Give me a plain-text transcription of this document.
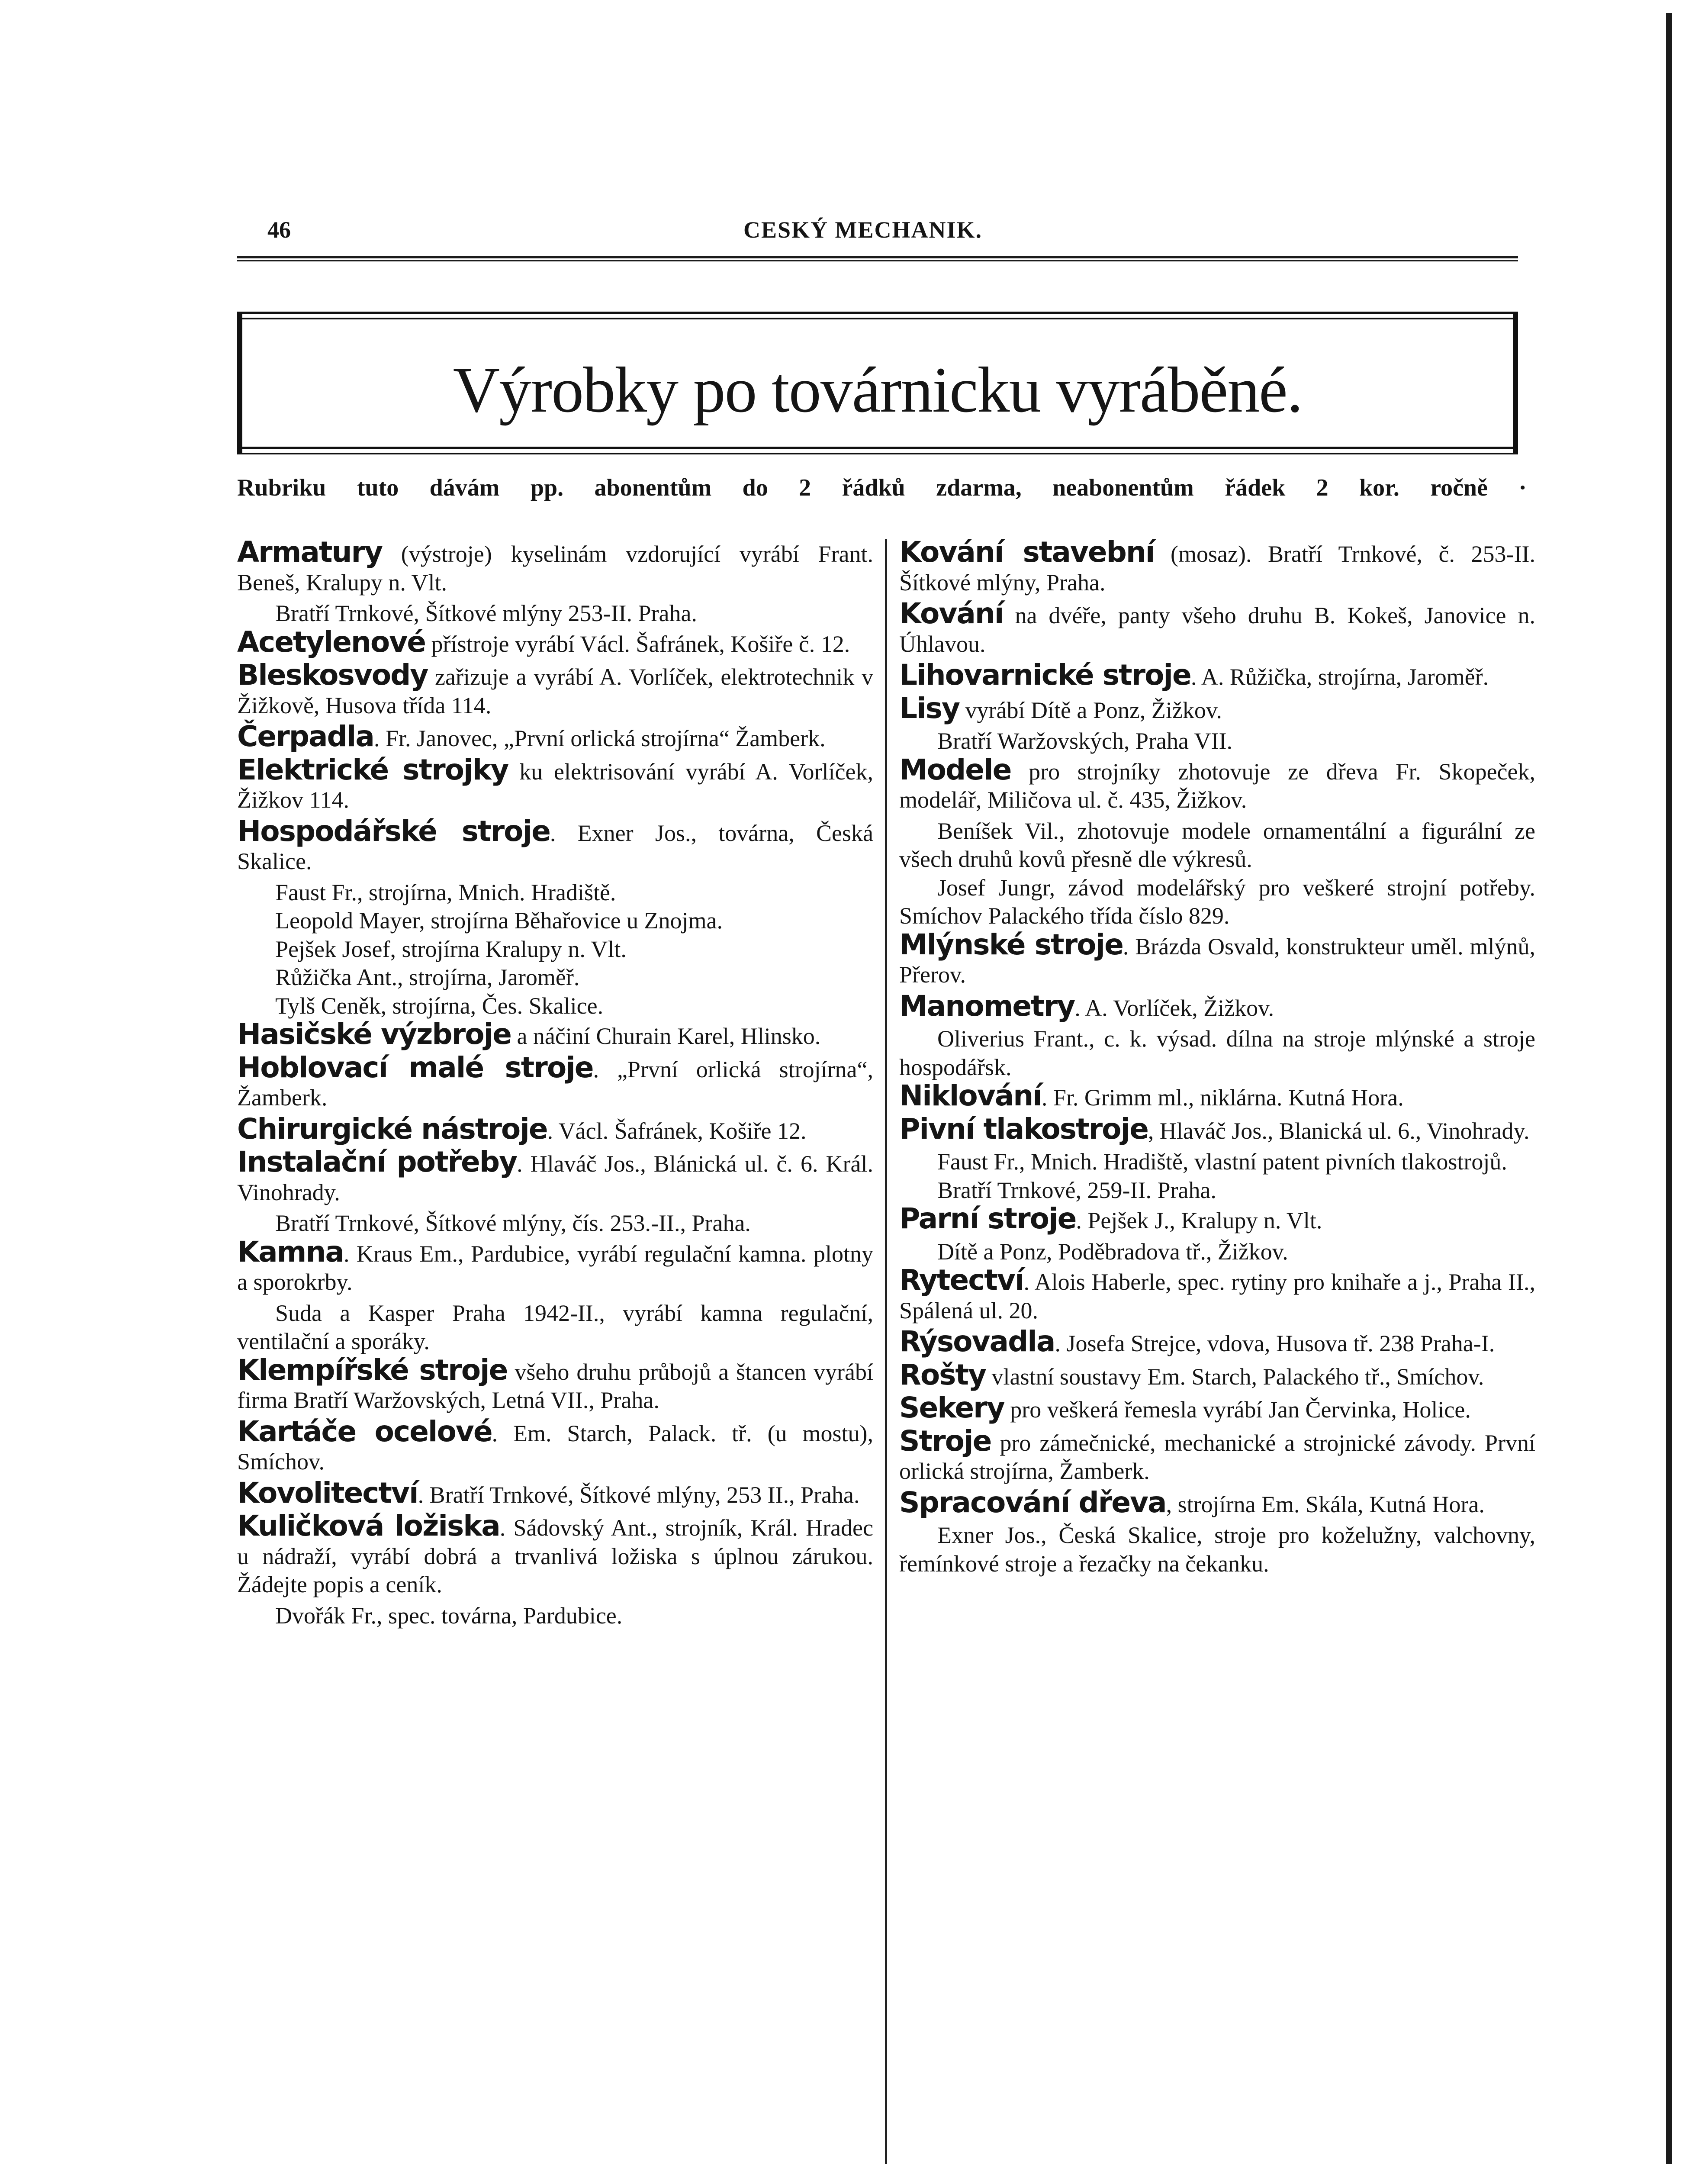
46	CESKÝ MECHANIK.
Výrobky po továrnicku vyráběné.
Rubriku tuto dávám pp. abonentům do 2 řádků zdarma, neabonentům řádek 2 kor. ročně ·
Armatury (výstroje) kyselinám vzdorující vyrábí Frant. Beneš, Kralupy n. Vlt.
Bratří Trnkové, Šítkové mlýny 253-II. Praha.
Acetylenové přístroje vyrábí Václ. Šafránek, Košiře č. 12.
Bleskosvody zařizuje a vyrábí A. Vorlíček, elektrotechnik v Žižkově, Husova třída 114.
Čerpadla. Fr. Janovec, „První orlická strojírna“ Žamberk.
Elektrické strojky ku elektrisování vyrábí A. Vorlíček, Žižkov 114.
Hospodářské stroje. Exner Jos., továrna, Česká Skalice.
Faust Fr., strojírna, Mnich. Hradiště.
Leopold Mayer, strojírna Běhařovice u Znojma.
Pejšek Josef, strojírna Kralupy n. Vlt.
Růžička Ant., strojírna, Jaroměř.
Tylš Ceněk, strojírna, Čes. Skalice.
Hasičské výzbroje a náčiní Churain Karel, Hlinsko.
Hoblovací malé stroje. „První orlická strojírna“, Žamberk.
Chirurgické nástroje. Václ. Šafránek, Košiře 12.
Instalační potřeby. Hlaváč Jos., Blánická ul. č. 6. Král. Vinohrady.
Bratří Trnkové, Šítkové mlýny, čís. 253.-II., Praha.
Kamna. Kraus Em., Pardubice, vyrábí regulační kamna. plotny a sporokrby.
Suda a Kasper Praha 1942-II., vyrábí kamna regulační, ventilační a sporáky.
Klempířské stroje všeho druhu průbojů a štancen vyrábí firma Bratří Waržovských, Letná VII., Praha.
Kartáče ocelové. Em. Starch, Palack. tř. (u mostu), Smíchov.
Kovolitectví. Bratří Trnkové, Šítkové mlýny, 253 II., Praha.
Kuličková ložiska. Sádovský Ant., strojník, Král. Hradec u nádraží, vyrábí dobrá a trvanlivá ložiska s úplnou zárukou. Žádejte popis a ceník.
Dvořák Fr., spec. továrna, Pardubice.
Kování stavební (mosaz). Bratří Trnkové, č. 253-II. Šítkové mlýny, Praha.
Kování na dvéře, panty všeho druhu B. Kokeš, Janovice n. Úhlavou.
Lihovarnické stroje. A. Růžička, strojírna, Jaroměř.
Lisy vyrábí Dítě a Ponz, Žižkov.
Bratří Waržovských, Praha VII.
Modele pro strojníky zhotovuje ze dřeva Fr. Skopeček, modelář, Miličova ul. č. 435, Žižkov.
Beníšek Vil., zhotovuje modele ornamentální a figurální ze všech druhů kovů přesně dle výkresů.
Josef Jungr, závod modelářský pro veškeré strojní potřeby. Smíchov Palackého třída číslo 829.
Mlýnské stroje. Brázda Osvald, konstrukteur uměl. mlýnů, Přerov.
Manometry. A. Vorlíček, Žižkov.
Oliverius Frant., c. k. výsad. dílna na stroje mlýnské a stroje hospodářsk.
Niklování. Fr. Grimm ml., niklárna. Kutná Hora.
Pivní tlakostroje, Hlaváč Jos., Blanická ul. 6., Vinohrady.
Faust Fr., Mnich. Hradiště, vlastní patent pivních tlakostrojů.
Bratří Trnkové, 259-II. Praha.
Parní stroje. Pejšek J., Kralupy n. Vlt.
Dítě a Ponz, Poděbradova tř., Žižkov.
Rytectví. Alois Haberle, spec. rytiny pro knihaře a j., Praha II., Spálená ul. 20.
Rýsovadla. Josefa Strejce, vdova, Husova tř. 238 Praha-I.
Rošty vlastní soustavy Em. Starch, Palackého tř., Smíchov.
Sekery pro veškerá řemesla vyrábí Jan Červinka, Holice.
Stroje pro zámečnické, mechanické a strojnické závody. První orlická strojírna, Žamberk.
Spracování dřeva, strojírna Em. Skála, Kutná Hora.
Exner Jos., Česká Skalice, stroje pro koželužny, valchovny, řemínkové stroje a řezačky na čekanku.
